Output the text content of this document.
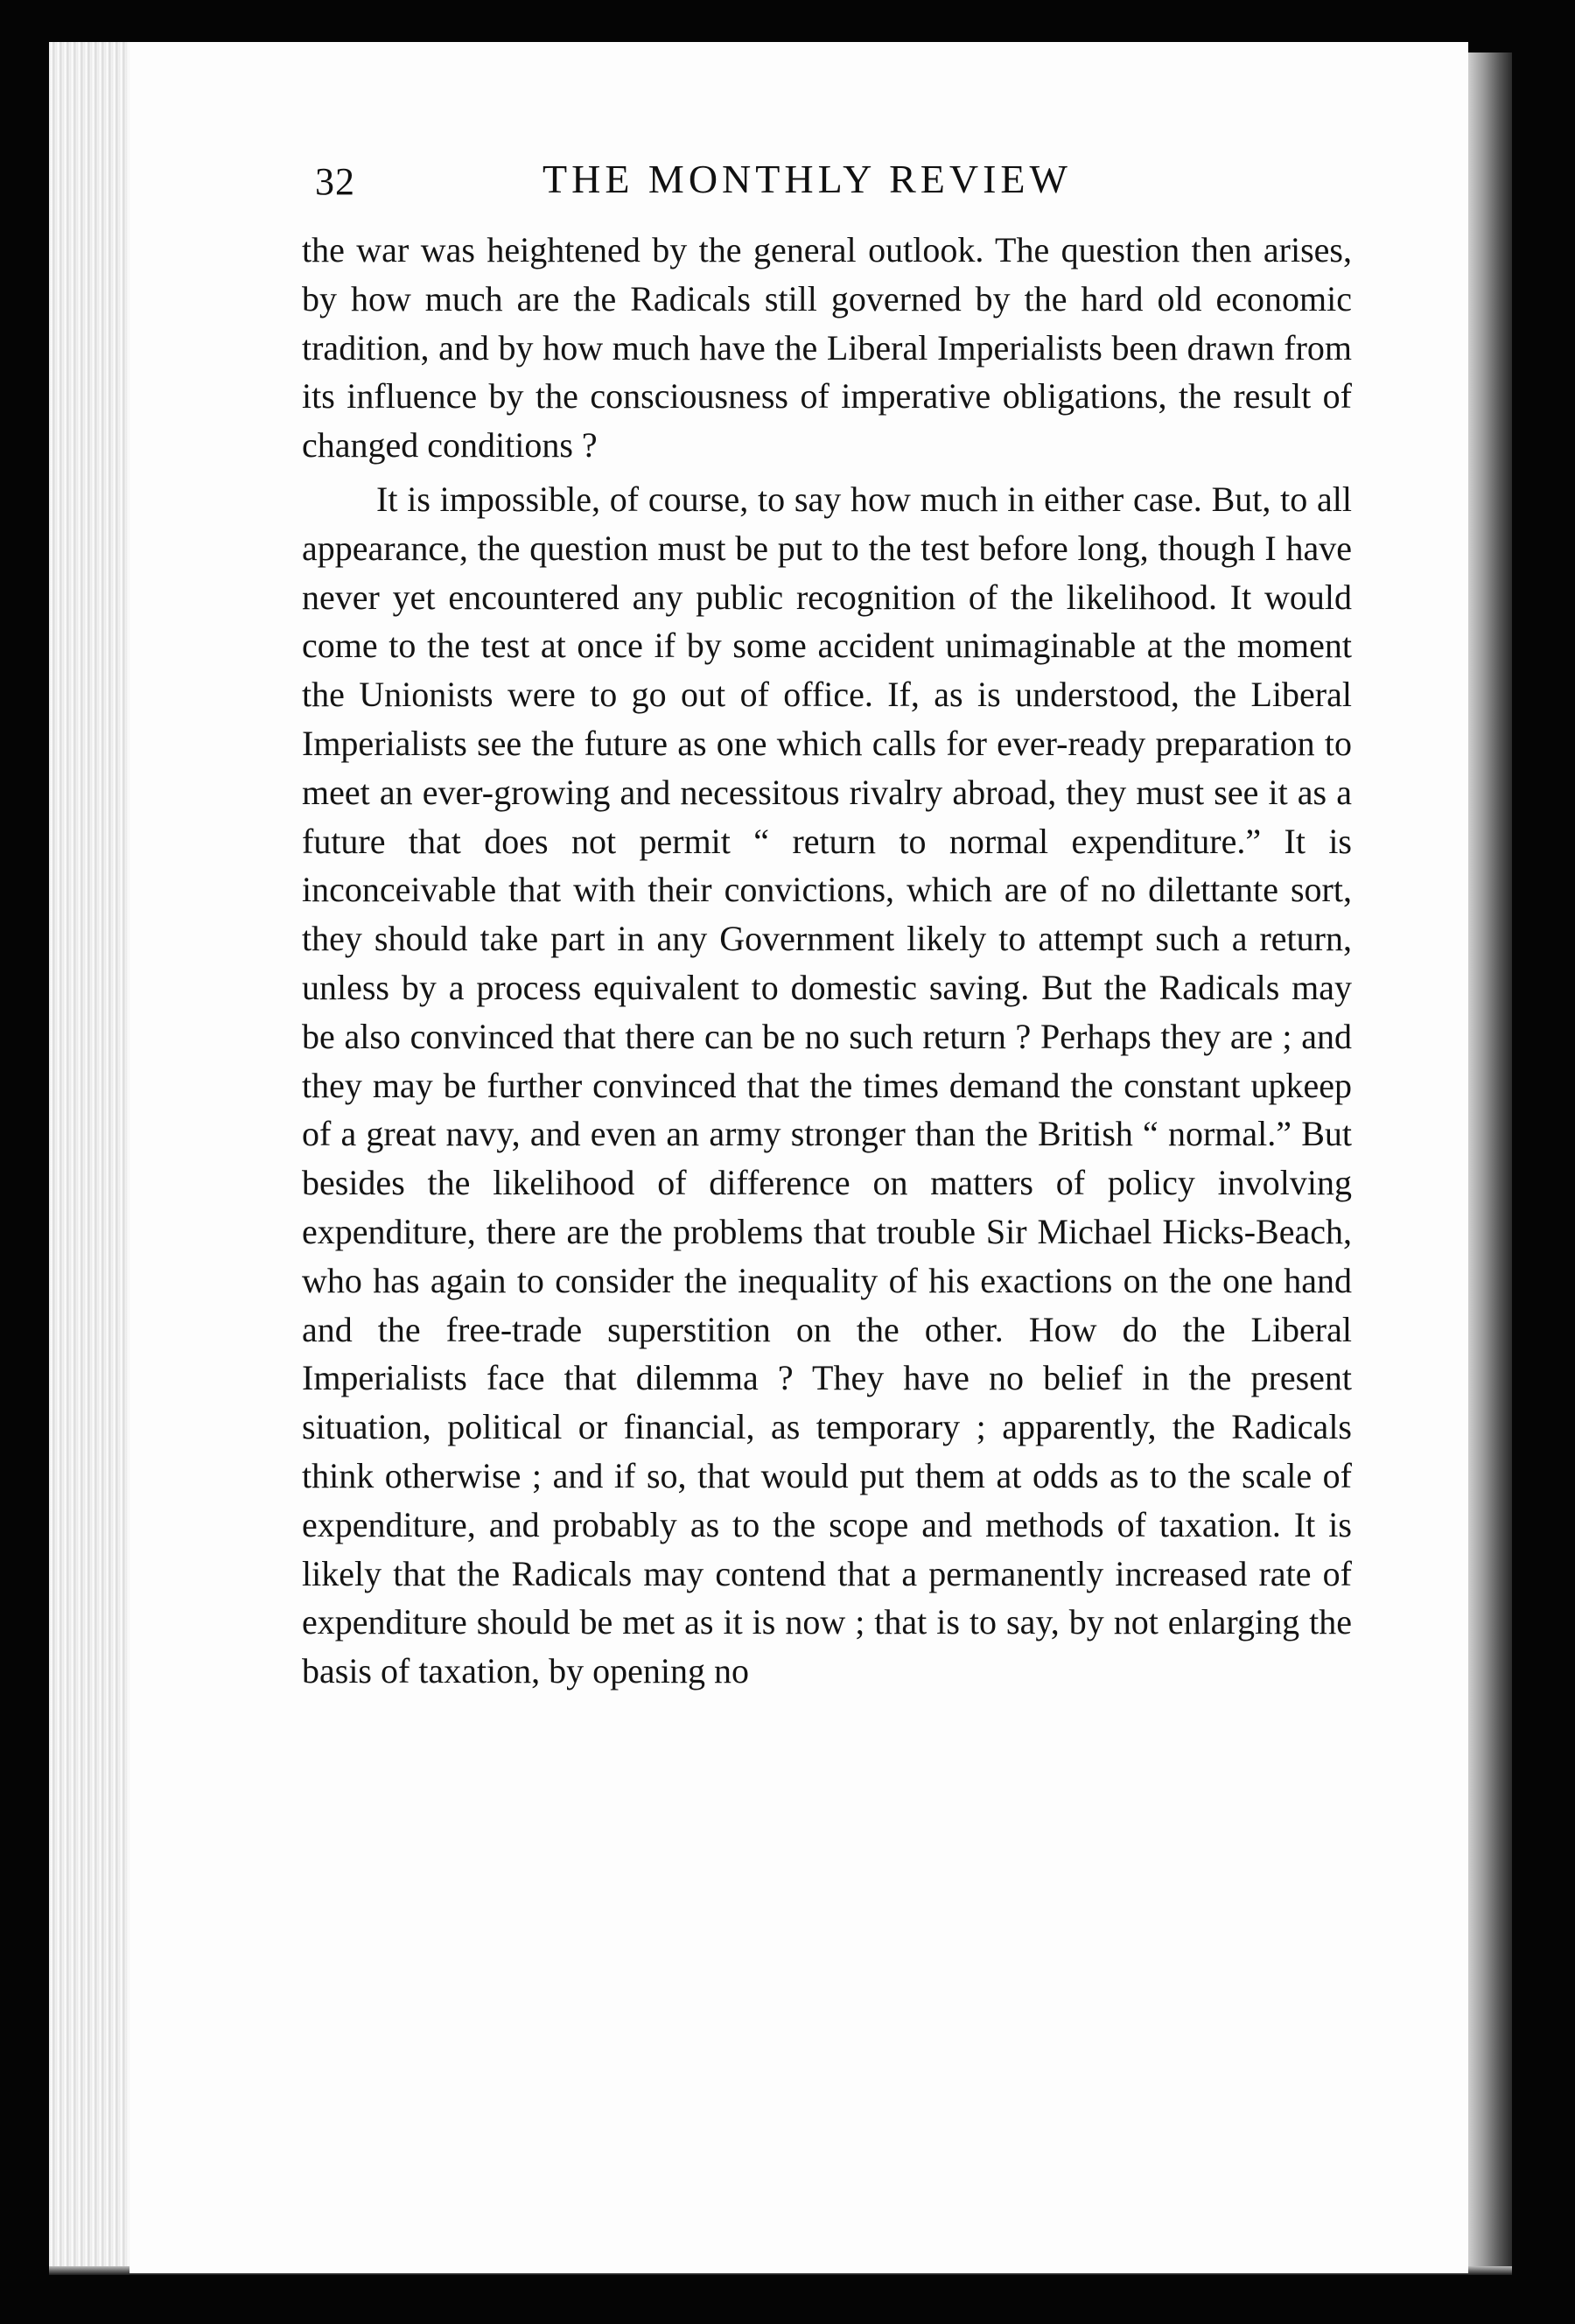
32	THE MONTHLY REVIEW

the war was heightened by the general outlook. The question then arises, by how much are the Radicals still governed by the hard old economic tradition, and by how much have the Liberal Imperialists been drawn from its influence by the consciousness of imperative obligations, the result of changed conditions ?

It is impossible, of course, to say how much in either case. But, to all appearance, the question must be put to the test before long, though I have never yet encountered any public recognition of the likelihood. It would come to the test at once if by some accident unimaginable at the moment the Unionists were to go out of office. If, as is understood, the Liberal Imperialists see the future as one which calls for ever-ready preparation to meet an ever-growing and necessitous rivalry abroad, they must see it as a future that does not permit “ return to normal expenditure.” It is inconceivable that with their convictions, which are of no dilettante sort, they should take part in any Government likely to attempt such a return, unless by a process equivalent to domestic saving. But the Radicals may be also convinced that there can be no such return ? Perhaps they are ; and they may be further convinced that the times demand the constant upkeep of a great navy, and even an army stronger than the British “ normal.” But besides the likelihood of difference on matters of policy involving expenditure, there are the problems that trouble Sir Michael Hicks-Beach, who has again to consider the inequality of his exactions on the one hand and the free-trade superstition on the other. How do the Liberal Imperialists face that dilemma ? They have no belief in the present situation, political or financial, as temporary ; apparently, the Radicals think otherwise ; and if so, that would put them at odds as to the scale of expenditure, and probably as to the scope and methods of taxation. It is likely that the Radicals may contend that a permanently increased rate of expenditure should be met as it is now ; that is to say, by not enlarging the basis of taxation, by opening no
